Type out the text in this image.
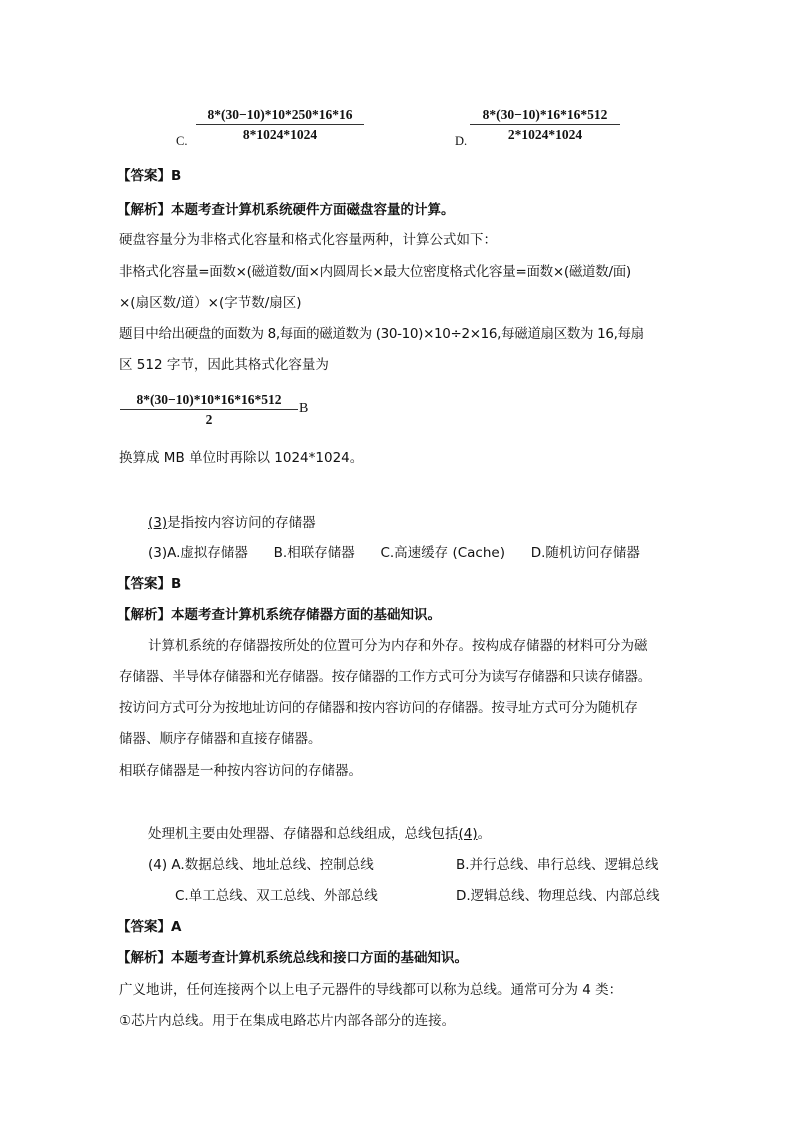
8*(30−10)*10*250*16*16
8*1024*1024
C.
8*(30−10)*16*16*512
2*1024*1024
D.
【答案】B
【解析】本题考查计算机系统硬件方面磁盘容量的计算。
硬盘容量分为非格式化容量和格式化容量两种，计算公式如下：
非格式化容量=面数×(磁道数/面×内圆周长×最大位密度格式化容量=面数×(磁道数/面)
×(扇区数/道）×(字节数/扇区)
题目中给出硬盘的面数为 8,每面的磁道数为 (30-10)×10÷2×16,每磁道扇区数为 16,每扇
区 512 字节，因此其格式化容量为
8*(30−10)*10*16*16*512
2
B
换算成 MB 单位时再除以 1024*1024。
(3)是指按内容访问的存储器
(3)A.虚拟存储器      B.相联存储器      C.高速缓存 (Cache)      D.随机访问存储器
【答案】B
【解析】本题考查计算机系统存储器方面的基础知识。
计算机系统的存储器按所处的位置可分为内存和外存。按构成存储器的材料可分为磁
存储器、半导体存储器和光存储器。按存储器的工作方式可分为读写存储器和只读存储器。
按访问方式可分为按地址访问的存储器和按内容访问的存储器。按寻址方式可分为随机存
储器、顺序存储器和直接存储器。
相联存储器是一种按内容访问的存储器。
处理机主要由处理器、存储器和总线组成，总线包括(4)。
(4) A.数据总线、地址总线、控制总线	B.并行总线、串行总线、逻辑总线
C.单工总线、双工总线、外部总线	D.逻辑总线、物理总线、内部总线
【答案】A
【解析】本题考查计算机系统总线和接口方面的基础知识。
广义地讲，任何连接两个以上电子元器件的导线都可以称为总线。通常可分为 4 类：
①芯片内总线。用于在集成电路芯片内部各部分的连接。
